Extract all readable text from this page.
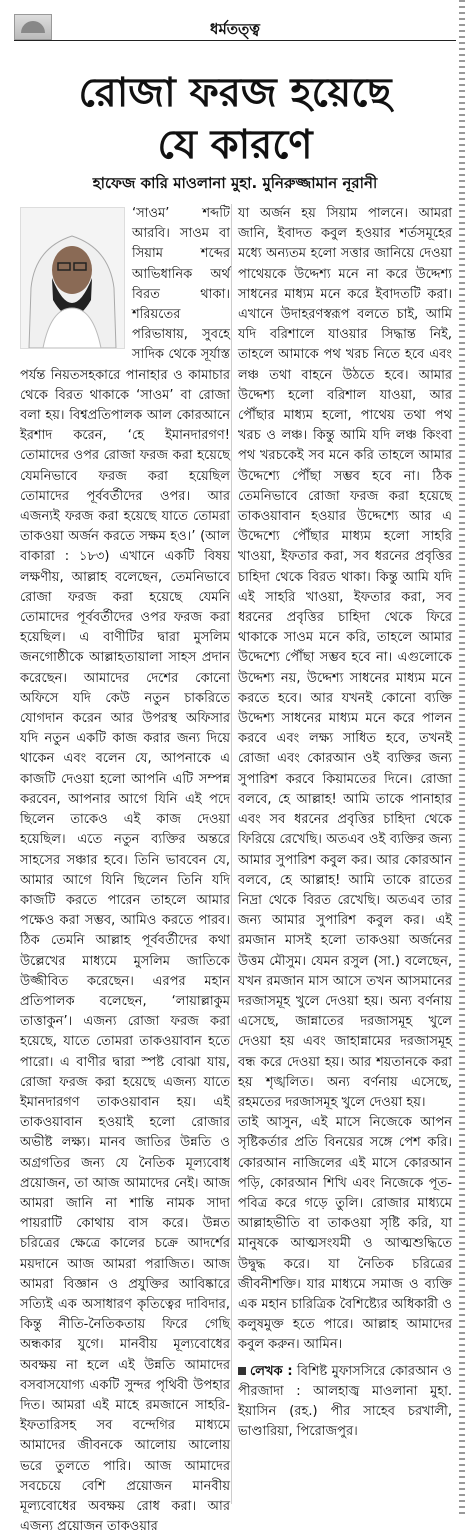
ধর্মতত্ত্ব
রোজা ফরজ হয়েছে
যে কারণে
হাফেজ কারি মাওলানা মুহা. মুনিরুজ্জামান নূরানী

‘সাওম’ শব্দটি আরবি। সাওম বা সিয়াম শব্দের আভিধানিক অর্থ বিরত থাকা। শরিয়তের পরিভাষায়, সুবহে সাদিক থেকে সূর্যাস্ত পর্যন্ত নিয়তসহকারে পানাহার ও কামাচার থেকে বিরত থাকাকে ‘সাওম’ বা রোজা বলা হয়। বিশ্বপ্রতিপালক আল কোরআনে ইরশাদ করেন, ‘হে ইমানদারগণ! তোমাদের ওপর রোজা ফরজ করা হয়েছে যেমনিভাবে ফরজ করা হয়েছিল তোমাদের পূর্ববর্তীদের ওপর। আর এজন্যই ফরজ করা হয়েছে যাতে তোমরা তাকওয়া অর্জন করতে সক্ষম হও।’ (আল বাকারা : ১৮৩) এখানে একটি বিষয় লক্ষণীয়, আল্লাহ বলেছেন, তেমনিভাবে রোজা ফরজ করা হয়েছে যেমনি তোমাদের পূর্ববর্তীদের ওপর ফরজ করা হয়েছিল। এ বাণীটির দ্বারা মুসলিম জনগোষ্ঠীকে আল্লাহতায়ালা সাহস প্রদান করেছেন। আমাদের দেশের কোনো অফিসে যদি কেউ নতুন চাকরিতে যোগদান করেন আর উপরস্থ অফিসার যদি নতুন একটি কাজ করার জন্য দিয়ে থাকেন এবং বলেন যে, আপনাকে এ কাজটি দেওয়া হলো আপনি এটি সম্পন্ন করবেন, আপনার আগে যিনি এই পদে ছিলেন তাকেও এই কাজ দেওয়া হয়েছিল। এতে নতুন ব্যক্তির অন্তরে সাহসের সঞ্চার হবে। তিনি ভাববেন যে, আমার আগে যিনি ছিলেন তিনি যদি কাজটি করতে পারেন তাহলে আমার পক্ষেও করা সম্ভব, আমিও করতে পারব। ঠিক তেমনি আল্লাহ পূর্ববর্তীদের কথা উল্লেখের মাধ্যমে মুসলিম জাতিকে উজ্জীবিত করেছেন। এরপর মহান প্রতিপালক বলেছেন, ‘লায়াল্লাকুম তাত্তাকুন’। এজন্য রোজা ফরজ করা হয়েছে, যাতে তোমরা তাকওয়াবান হতে পারো। এ বাণীর দ্বারা স্পষ্ট বোঝা যায়, রোজা ফরজ করা হয়েছে এজন্য যাতে ইমানদারগণ তাকওয়াবান হয়। এই তাকওয়াবান হওয়াই হলো রোজার অভীষ্ট লক্ষ্য। মানব জাতির উন্নতি ও অগ্রগতির জন্য যে নৈতিক মূল্যবোধ প্রয়োজন, তা আজ আমাদের নেই। আজ আমরা জানি না শান্তি নামক সাদা পায়রাটি কোথায় বাস করে। উন্নত চরিত্রের ক্ষেত্রে কালের চক্রে আদর্শের ময়দানে আজ আমরা পরাজিত। আজ আমরা বিজ্ঞান ও প্রযুক্তির আবিষ্কারে সত্যিই এক অসাধারণ কৃতিত্বের দাবিদার, কিন্তু নীতি-নৈতিকতায় ফিরে গেছি অন্ধকার যুগে। মানবীয় মূল্যবোধের অবক্ষয় না হলে এই উন্নতি আমাদের বসবাসযোগ্য একটি সুন্দর পৃথিবী উপহার দিত। আমরা এই মাহে রমজানে সাহরি-ইফতারিসহ সব বন্দেগির মাধ্যমে আমাদের জীবনকে আলোয় আলোয় ভরে তুলতে পারি। আজ আমাদের সবচেয়ে বেশি প্রয়োজন মানবীয় মূল্যবোধের অবক্ষয় রোধ করা। আর এজন্য প্রয়োজন তাকওয়ার

যা অর্জন হয় সিয়াম পালনে। আমরা জানি, ইবাদত কবুল হওয়ার শর্তসমূহের মধ্যে অন্যতম হলো সত্তার জানিয়ে দেওয়া পাথেয়কে উদ্দেশ্য মনে না করে উদ্দেশ্য সাধনের মাধ্যম মনে করে ইবাদতটি করা। এখানে উদাহরণস্বরূপ বলতে চাই, আমি যদি বরিশালে যাওয়ার সিদ্ধান্ত নিই, তাহলে আমাকে পথ খরচ নিতে হবে এবং লঞ্চ তথা বাহনে উঠতে হবে। আমার উদ্দেশ্য হলো বরিশাল যাওয়া, আর পৌঁছার মাধ্যম হলো, পাথেয় তথা পথ খরচ ও লঞ্চ। কিন্তু আমি যদি লঞ্চ কিংবা পথ খরচকেই সব মনে করি তাহলে আমার উদ্দেশ্যে পৌঁছা সম্ভব হবে না। ঠিক তেমনিভাবে রোজা ফরজ করা হয়েছে তাকওয়াবান হওয়ার উদ্দেশ্যে আর এ উদ্দেশ্যে পৌঁছার মাধ্যম হলো সাহরি খাওয়া, ইফতার করা, সব ধরনের প্রবৃত্তির চাহিদা থেকে বিরত থাকা। কিন্তু আমি যদি এই সাহরি খাওয়া, ইফতার করা, সব ধরনের প্রবৃত্তির চাহিদা থেকে ফিরে থাকাকে সাওম মনে করি, তাহলে আমার উদ্দেশ্যে পৌঁছা সম্ভব হবে না। এগুলোকে উদ্দেশ্য নয়, উদ্দেশ্য সাধনের মাধ্যম মনে করতে হবে। আর যখনই কোনো ব্যক্তি উদ্দেশ্য সাধনের মাধ্যম মনে করে পালন করবে এবং লক্ষ্য সাধিত হবে, তখনই রোজা এবং কোরআন ওই ব্যক্তির জন্য সুপারিশ করবে কিয়ামতের দিনে। রোজা বলবে, হে আল্লাহ! আমি তাকে পানাহার এবং সব ধরনের প্রবৃত্তির চাহিদা থেকে ফিরিয়ে রেখেছি। অতএব ওই ব্যক্তির জন্য আমার সুপারিশ কবুল কর। আর কোরআন বলবে, হে আল্লাহ! আমি তাকে রাতের নিদ্রা থেকে বিরত রেখেছি। অতএব তার জন্য আমার সুপারিশ কবুল কর। এই রমজান মাসই হলো তাকওয়া অর্জনের উত্তম মৌসুম। যেমন রসুল (সা.) বলেছেন, যখন রমজান মাস আসে তখন আসমানের দরজাসমূহ খুলে দেওয়া হয়। অন্য বর্ণনায় এসেছে, জান্নাতের দরজাসমূহ খুলে দেওয়া হয় এবং জাহান্নামের দরজাসমূহ বন্ধ করে দেওয়া হয়। আর শয়তানকে করা হয় শৃঙ্খলিত। অন্য বর্ণনায় এসেছে, রহমতের দরজাসমূহ খুলে দেওয়া হয়।

তাই আসুন, এই মাসে নিজেকে আপন সৃষ্টিকর্তার প্রতি বিনয়ের সঙ্গে পেশ করি। কোরআন নাজিলের এই মাসে কোরআন পড়ি, কোরআন শিখি এবং নিজেকে পূত-পবিত্র করে গড়ে তুলি। রোজার মাধ্যমে আল্লাহভীতি বা তাকওয়া সৃষ্টি করি, যা মানুষকে আত্মসংযমী ও আত্মশুদ্ধিতে উদ্বুদ্ধ করে। যা নৈতিক চরিত্রের জীবনীশক্তি। যার মাধ্যমে সমাজ ও ব্যক্তি এক মহান চারিত্রিক বৈশিষ্ট্যের অধিকারী ও কলুষমুক্ত হতে পারে। আল্লাহ আমাদের কবুল করুন। আমিন।

লেখক : বিশিষ্ট মুফাসসিরে কোরআন ও পীরজাদা : আলহাজ্ব মাওলানা মুহা. ইয়াসিন (রহ.) পীর সাহেব চরখালী, ভাণ্ডারিয়া, পিরোজপুর।
